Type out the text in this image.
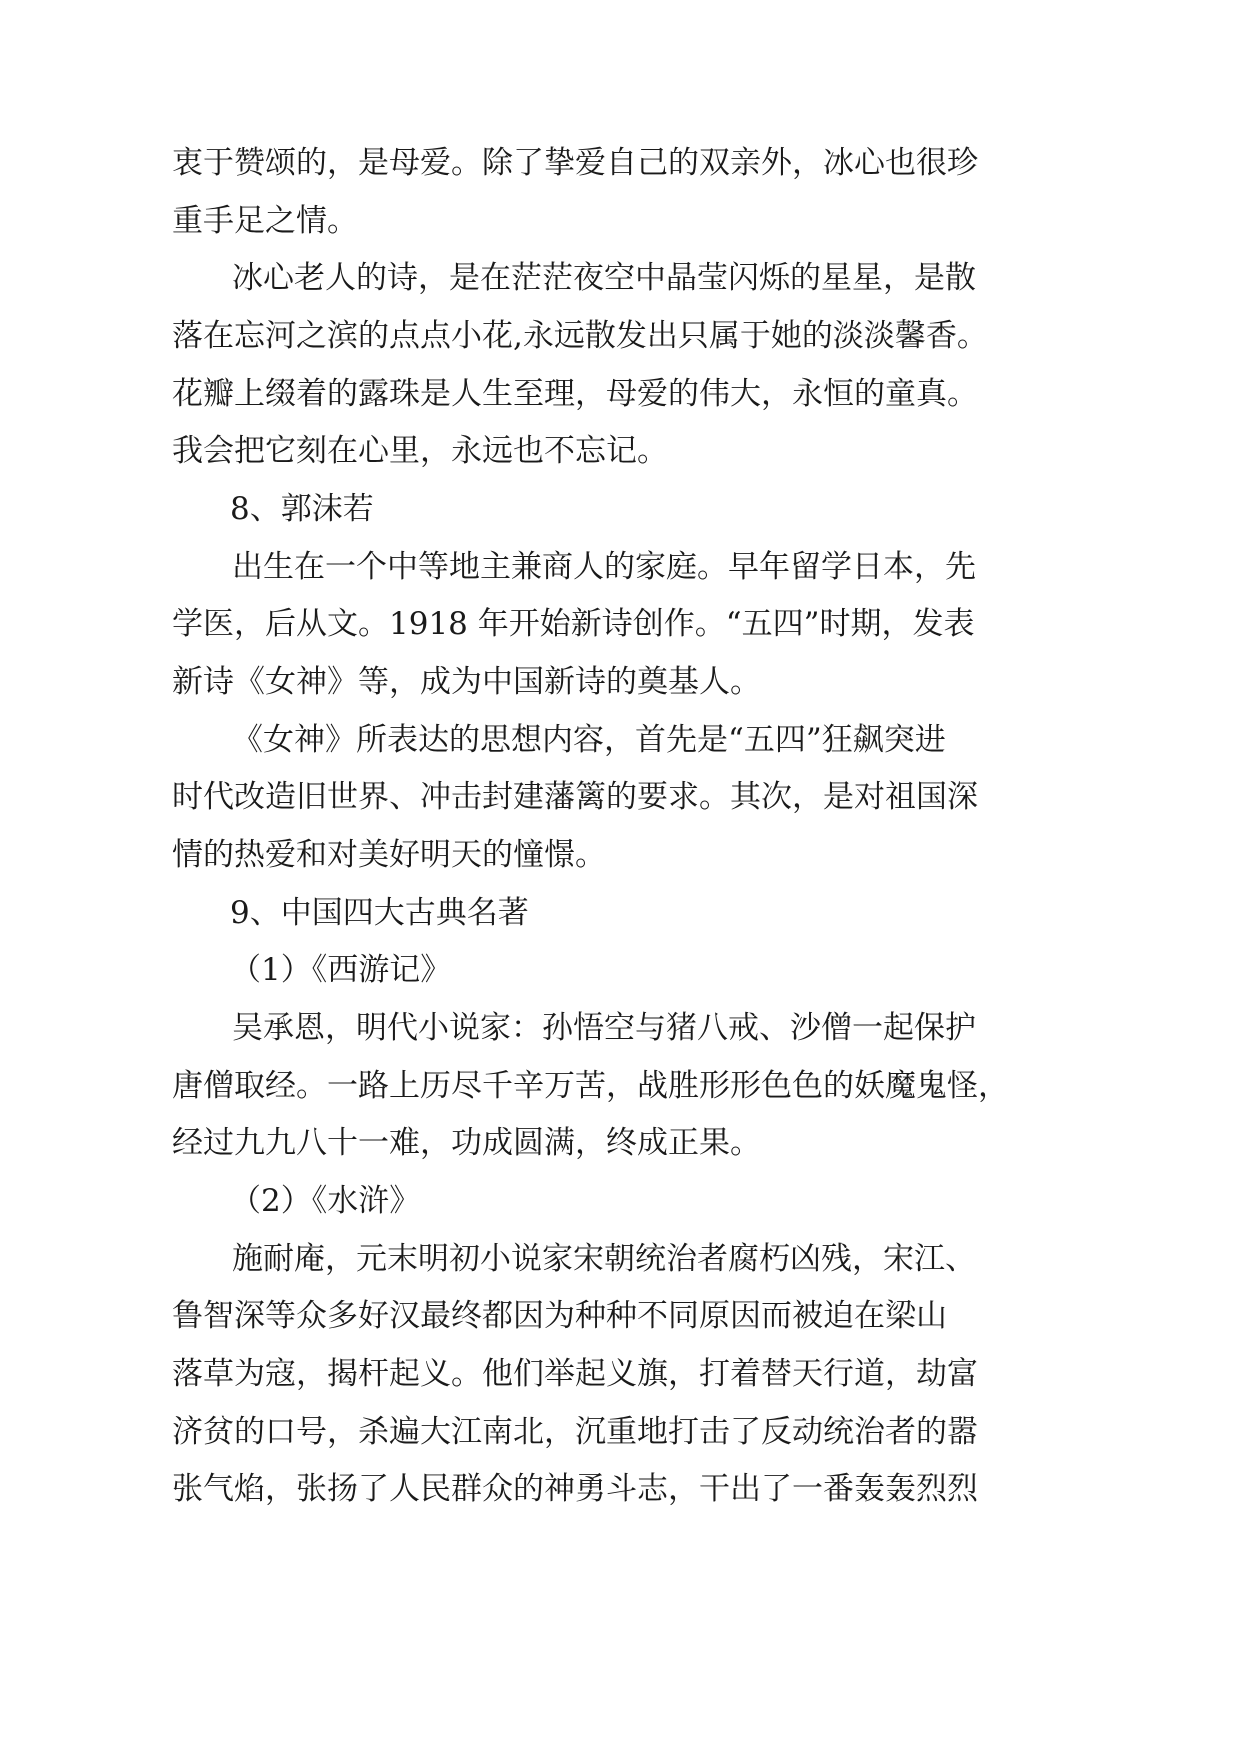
衷于赞颂的，是母爱。除了挚爱自己的双亲外，冰心也很珍
重手足之情。
冰心老人的诗，是在茫茫夜空中晶莹闪烁的星星，是散
落在忘河之滨的点点小花,永远散发出只属于她的淡淡馨香。
花瓣上缀着的露珠是人生至理，母爱的伟大，永恒的童真。
我会把它刻在心里，永远也不忘记。
8、郭沫若
出生在一个中等地主兼商人的家庭。早年留学日本，先
学医，后从文。1918 年开始新诗创作。“五四”时期，发表
新诗《女神》等，成为中国新诗的奠基人。
《女神》所表达的思想内容，首先是“五四”狂飙突进
时代改造旧世界、冲击封建藩篱的要求。其次，是对祖国深
情的热爱和对美好明天的憧憬。
9、中国四大古典名著
（1）《西游记》
吴承恩，明代小说家：孙悟空与猪八戒、沙僧一起保护
唐僧取经。一路上历尽千辛万苦，战胜形形色色的妖魔鬼怪，
经过九九八十一难，功成圆满，终成正果。
（2）《水浒》
施耐庵，元末明初小说家宋朝统治者腐朽凶残，宋江、
鲁智深等众多好汉最终都因为种种不同原因而被迫在梁山
落草为寇，揭杆起义。他们举起义旗，打着替天行道，劫富
济贫的口号，杀遍大江南北，沉重地打击了反动统治者的嚣
张气焰，张扬了人民群众的神勇斗志，干出了一番轰轰烈烈
